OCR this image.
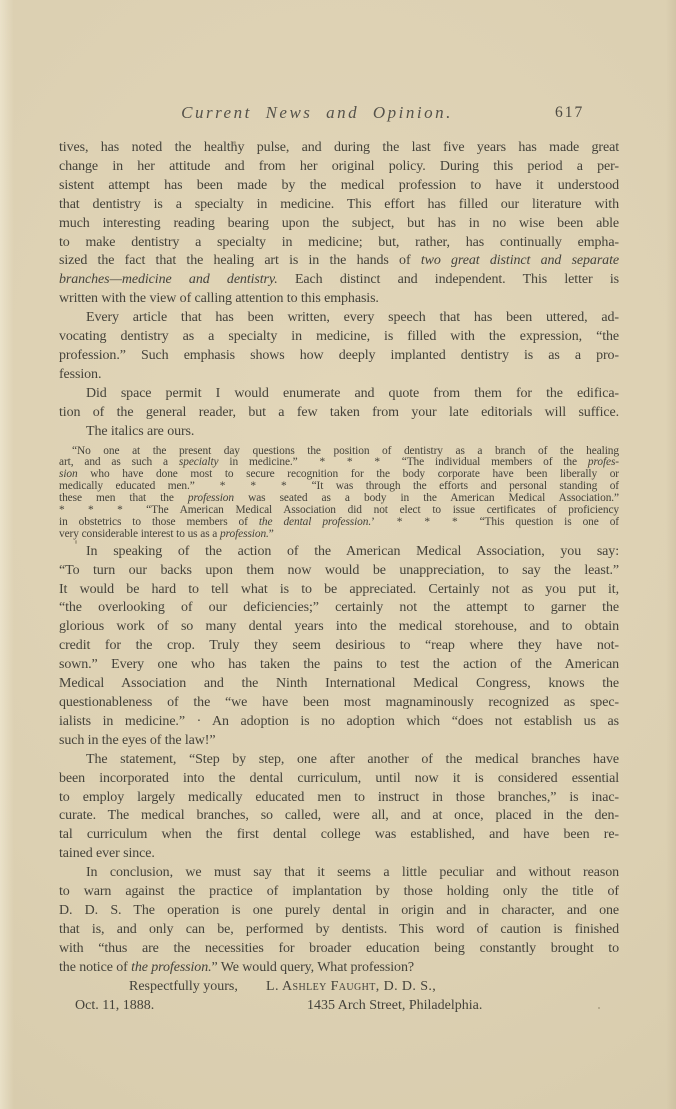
Current News and Opinion.	617
tives, has noted the healthy pulse, and during the last five years has made great
change in her attitude and from her original policy. During this period a per-
sistent attempt has been made by the medical profession to have it understood
that dentistry is a specialty in medicine. This effort has filled our literature with
much interesting reading bearing upon the subject, but has in no wise been able
to make dentistry a specialty in medicine; but, rather, has continually empha-
sized the fact that the healing art is in the hands of two great distinct and separate
branches—medicine and dentistry. Each distinct and independent. This letter is
written with the view of calling attention to this emphasis.
Every article that has been written, every speech that has been uttered, ad-
vocating dentistry as a specialty in medicine, is filled with the expression, “the
profession.” Such emphasis shows how deeply implanted dentistry is as a pro-
fession.
Did space permit I would enumerate and quote from them for the edifica-
tion of the general reader, but a few taken from your late editorials will suffice.
The italics are ours.
“No one at the present day questions the position of dentistry as a branch of the healing
art, and as such a specialty in medicine.”  *  *  *  “The individual members of the profes-
sion who have done most to secure recognition for the body corporate have been liberally or
medically educated men.”  *  *  *  “It was through the efforts and personal standing of
these men that the profession was seated as a body in the American Medical Association.”
*  *  *  “The American Medical Association did not elect to issue certificates of proficiency
in obstetrics to those members of the dental profession.’  *  *  *  “This question is one of
very considerable interest to us as a profession.”
In speaking of the action of the American Medical Association, you say:
“To turn our backs upon them now would be unappreciation, to say the least.”
It would be hard to tell what is to be appreciated. Certainly not as you put it,
“the overlooking of our deficiencies;” certainly not the attempt to garner the
glorious work of so many dental years into the medical storehouse, and to obtain
credit for the crop. Truly they seem desirious to “reap where they have not-
sown.” Every one who has taken the pains to test the action of the American
Medical Association and the Ninth International Medical Congress, knows the
questionableness of the “we have been most magnaminously recognized as spec-
ialists in medicine.” · An adoption is no adoption which “does not establish us as
such in the eyes of the law!”
The statement, “Step by step, one after another of the medical branches have
been incorporated into the dental curriculum, until now it is considered essential
to employ largely medically educated men to instruct in those branches,” is inac-
curate. The medical branches, so called, were all, and at once, placed in the den-
tal curriculum when the first dental college was established, and have been re-
tained ever since.
In conclusion, we must say that it seems a little peculiar and without reason
to warn against the practice of implantation by those holding only the title of
D. D. S. The operation is one purely dental in origin and in character, and one
that is, and only can be, performed by dentists. This word of caution is finished
with “thus are the necessities for broader education being constantly brought to
the notice of the profession.” We would query, What profession?
Respectfully yours, L. Ashley Faught, D. D. S.,
Oct. 11, 1888.	1435 Arch Street, Philadelphia.
